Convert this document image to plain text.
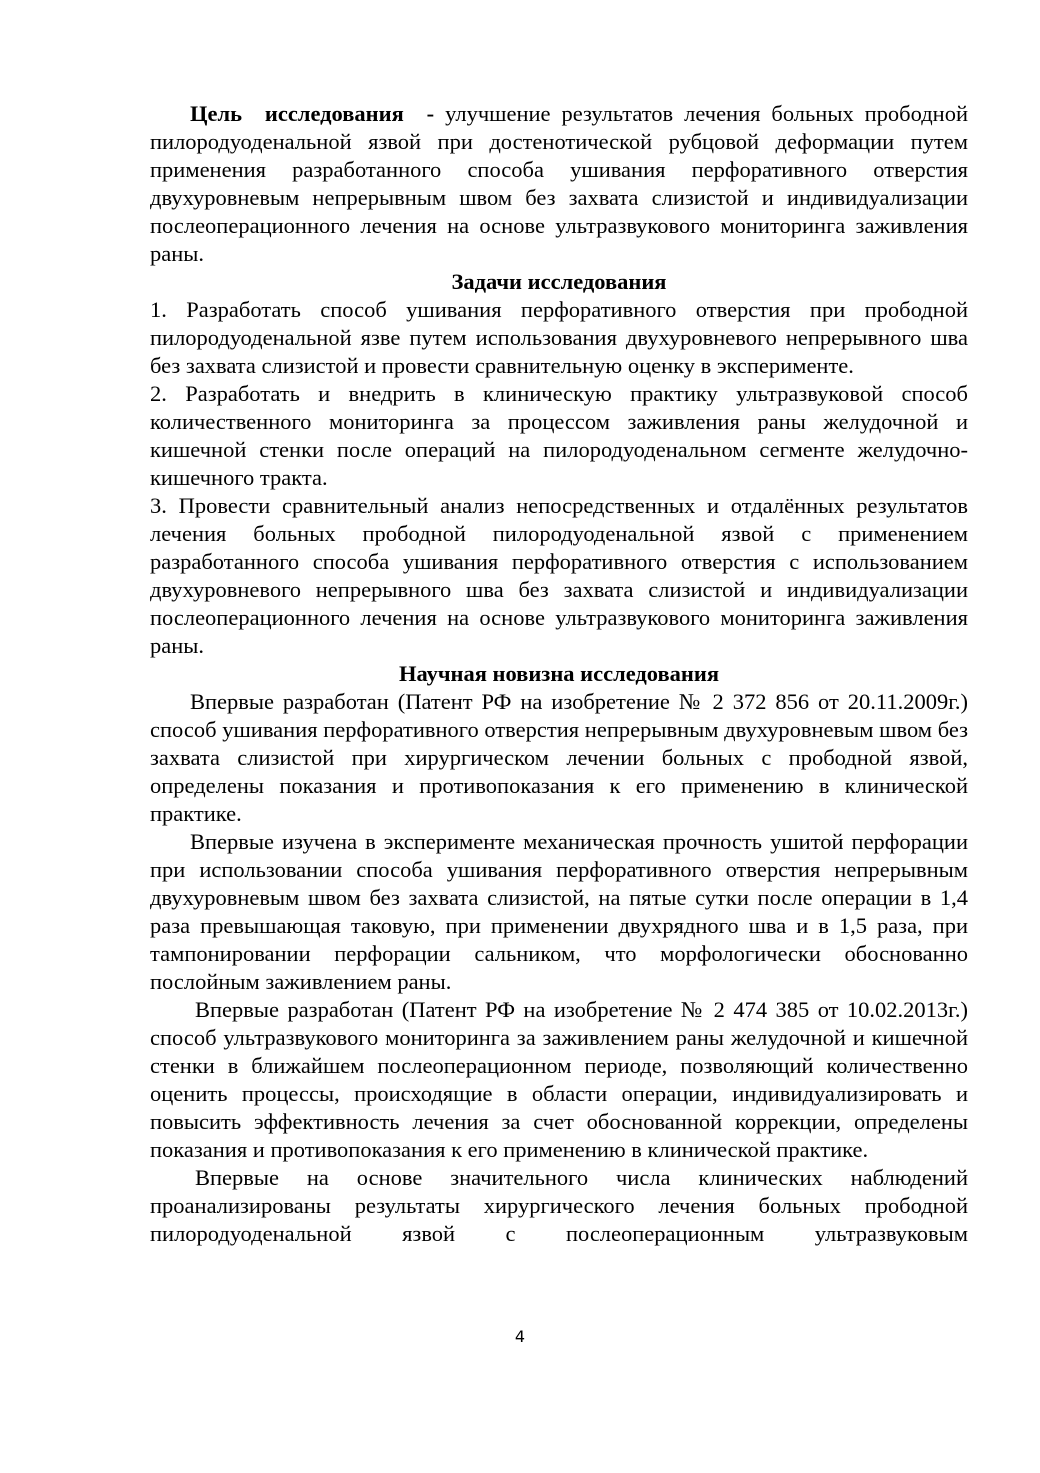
Цель исследования - улучшение результатов лечения больных прободной пилородуоденальной язвой при достенотической рубцовой деформации путем применения разработанного способа ушивания перфоративного отверстия двухуровневым непрерывным швом без захвата слизистой и индивидуализации послеоперационного лечения на основе ультразвукового мониторинга заживления раны.

Задачи исследования

1. Разработать способ ушивания перфоративного отверстия при прободной пилородуоденальной язве путем использования двухуровневого непрерывного шва без захвата слизистой и провести сравнительную оценку в эксперименте.

2. Разработать и внедрить в клиническую практику ультразвуковой способ количественного мониторинга за процессом заживления раны желудочной и кишечной стенки после операций на пилородуоденальном сегменте желудочно-кишечного тракта.

3. Провести сравнительный анализ непосредственных и отдалённых результатов лечения больных прободной пилородуоденальной язвой с применением разработанного способа ушивания перфоративного отверстия с использованием двухуровневого непрерывного шва без захвата слизистой и индивидуализации послеоперационного лечения на основе ультразвукового мониторинга заживления раны.

Научная новизна исследования

Впервые разработан (Патент РФ на изобретение № 2 372 856 от 20.11.2009г.) способ ушивания перфоративного отверстия непрерывным двухуровневым швом без захвата слизистой при хирургическом лечении больных с прободной язвой, определены показания и противопоказания к его применению в клинической практике.

Впервые изучена в эксперименте механическая прочность ушитой перфорации при использовании способа ушивания перфоративного отверстия непрерывным двухуровневым швом без захвата слизистой, на пятые сутки после операции в 1,4 раза превышающая таковую, при применении двухрядного шва и в 1,5 раза, при тампонировании перфорации сальником, что морфологически обоснованно послойным заживлением раны.

Впервые разработан (Патент РФ на изобретение № 2 474 385 от 10.02.2013г.) способ ультразвукового мониторинга за заживлением раны желудочной и кишечной стенки в ближайшем послеоперационном периоде, позволяющий количественно оценить процессы, происходящие в области операции, индивидуализировать и повысить эффективность лечения за счет обоснованной коррекции, определены показания и противопоказания к его применению в клинической практике.

Впервые на основе значительного числа клинических наблюдений проанализированы результаты хирургического лечения больных прободной пилородуоденальной язвой с послеоперационным ультразвуковым

4
